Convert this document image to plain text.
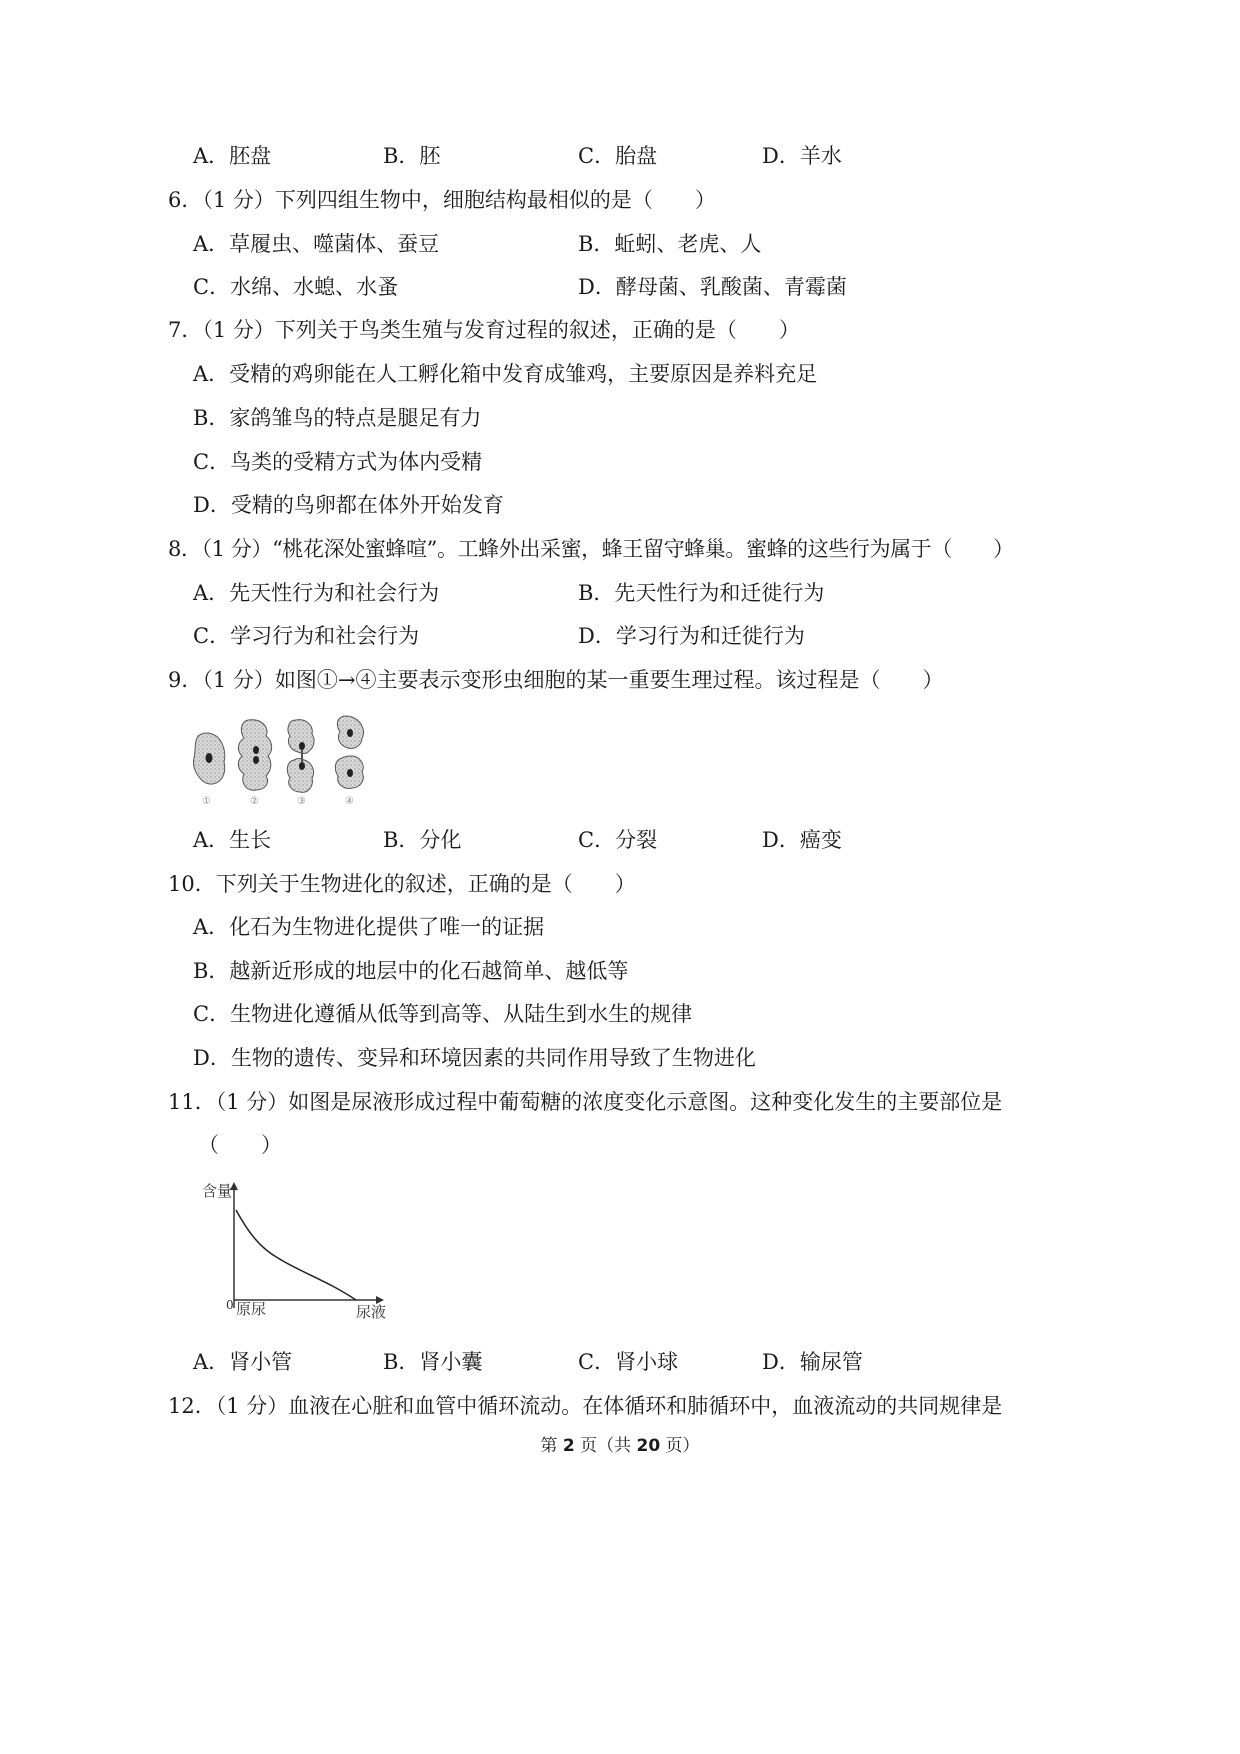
A．胚盘	B．胚	C．胎盘	D．羊水
6．（1 分）下列四组生物中，细胞结构最相似的是（　　）
A．草履虫、噬菌体、蚕豆	B．蚯蚓、老虎、人
C．水绵、水螅、水蚤	D．酵母菌、乳酸菌、青霉菌
7．（1 分）下列关于鸟类生殖与发育过程的叙述，正确的是（　　）
A．受精的鸡卵能在人工孵化箱中发育成雏鸡，主要原因是养料充足
B．家鸽雏鸟的特点是腿足有力
C．鸟类的受精方式为体内受精
D．受精的鸟卵都在体外开始发育
8．（1 分）“桃花深处蜜蜂喧”。工蜂外出采蜜，蜂王留守蜂巢。蜜蜂的这些行为属于（　　）
A．先天性行为和社会行为	B．先天性行为和迁徙行为
C．学习行为和社会行为	D．学习行为和迁徙行为
9．（1 分）如图①→④主要表示变形虫细胞的某一重要生理过程。该过程是（　　）
①	②	③	④
A．生长	B．分化	C．分裂	D．癌变
10．下列关于生物进化的叙述，正确的是（　　）
A．化石为生物进化提供了唯一的证据
B．越新近形成的地层中的化石越简单、越低等
C．生物进化遵循从低等到高等、从陆生到水生的规律
D．生物的遗传、变异和环境因素的共同作用导致了生物进化
11．（1 分）如图是尿液形成过程中葡萄糖的浓度变化示意图。这种变化发生的主要部位是
（　　）
含量
0 原尿	尿液
A．肾小管	B．肾小囊	C．肾小球	D．输尿管
12．（1 分）血液在心脏和血管中循环流动。在体循环和肺循环中，血液流动的共同规律是
第 2 页（共 20 页）
